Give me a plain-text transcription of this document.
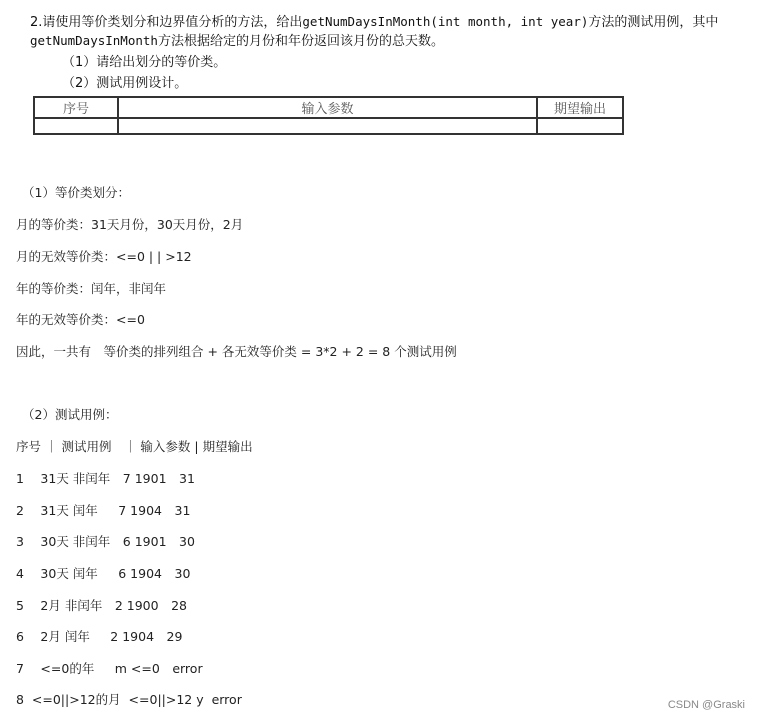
2.请使用等价类划分和边界值分析的方法，给出getNumDaysInMonth(int month, int year)方法的测试用例，其中
getNumDaysInMonth方法根据给定的月份和年份返回该月份的总天数。
（1）请给出划分的等价类。
（2）测试用例设计。
序号	输入参数	期望输出

（1）等价类划分：
月的等价类：31天月份，30天月份，2月
月的无效等价类：<=0 | | >12
年的等价类：闰年，非闰年
年的无效等价类：<=0
因此，一共有　等价类的排列组合 + 各无效等价类 = 3*2 + 2 = 8 个测试用例
（2）测试用例：
序号 ｜ 测试用例　｜ 输入参数 | 期望输出
1　 31天 非闰年　7 1901　31
2　 31天 闰年　  7 1904　31
3　 30天 非闰年　6 1901　30
4　 30天 闰年　  6 1904　30
5　 2月 非闰年　2 1900　28
6　 2月 闰年　  2 1904　29
7　 <=0的年　  m <=0　error
8  <=0||>12的月  <=0||>12 y  error	CSDN @Graski
